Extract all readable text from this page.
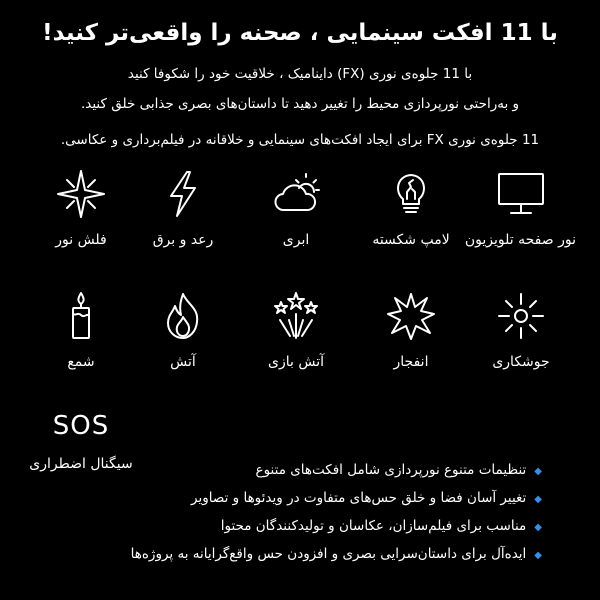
با 11 افکت سینمایی ، صحنه را واقعی‌تر کنید!
با 11 جلوه‌ی نوری (FX) داینامیک ، خلاقیت خود را شکوفا کنید
و به‌راحتی نورپردازی محیط را تغییر دهید تا داستان‌های بصری جذابی خلق کنید.
11 جلوه‌ی نوری FX برای ایجاد افکت‌های سینمایی و خلاقانه در فیلم‌برداری و عکاسی.
نور صفحه تلویزیون
لامپ شکسته
ابری
رعد و برق
فلش نور
جوشکاری
انفجار
آتش بازی
آتش
شمع
SOS
سیگنال اضطراری	◆تنظیمات متنوع نورپردازی شامل افکت‌های متنوع
◆تغییر آسان فضا و خلق حس‌های متفاوت در ویدئوها و تصاویر
◆مناسب برای فیلم‌سازان، عکاسان و تولیدکنندگان محتوا
◆ایده‌آل برای داستان‌سرایی بصری و افزودن حس واقع‌گرایانه به پروژه‌ها
